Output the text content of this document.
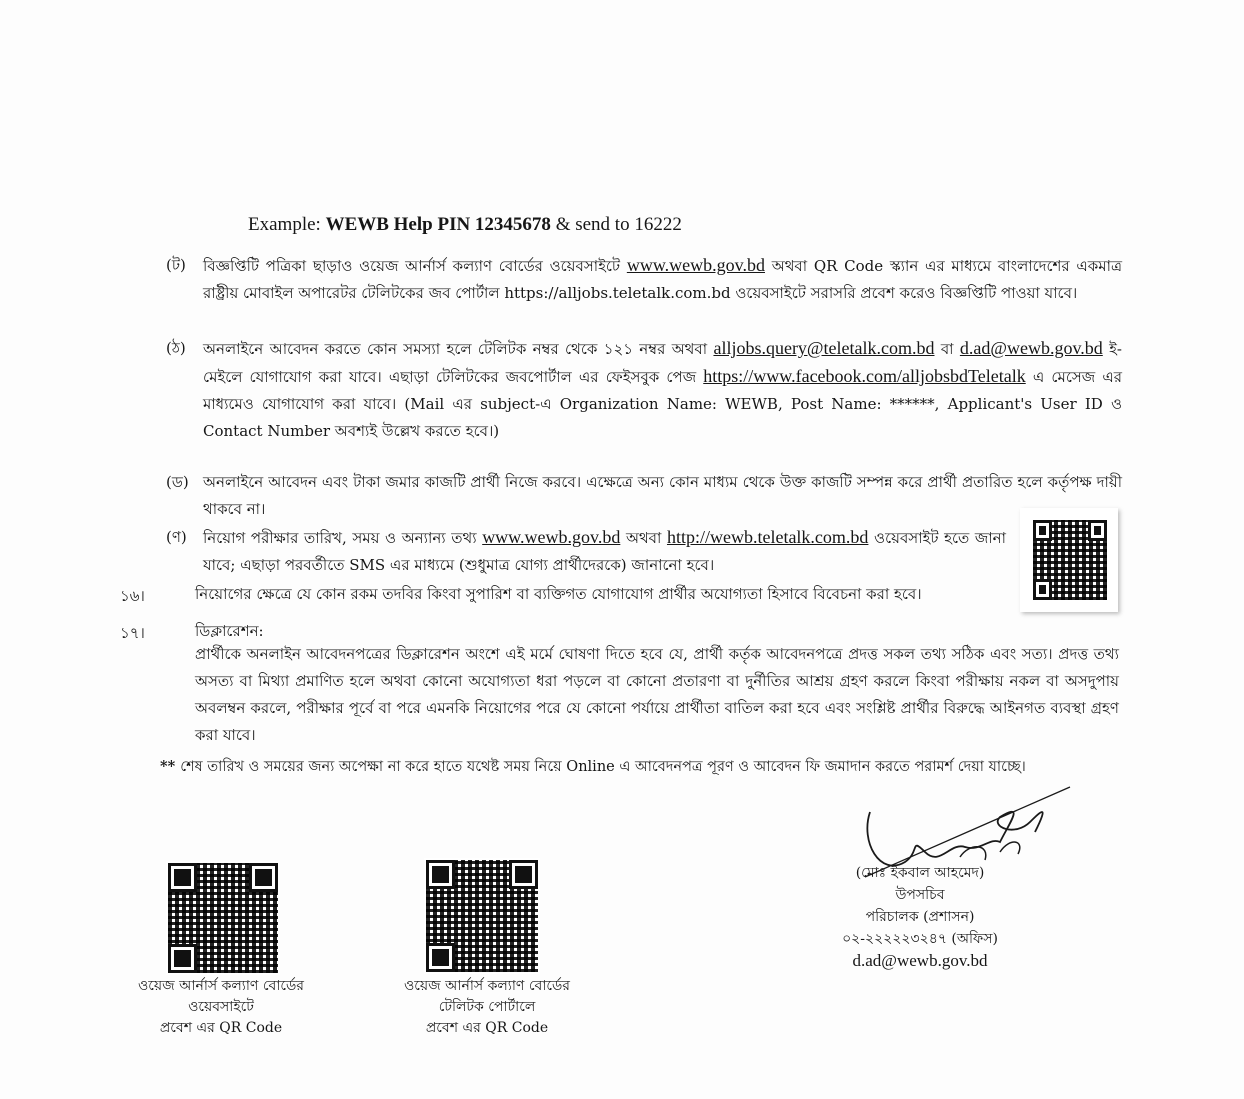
Example: WEWB Help PIN 12345678 & send to 16222
(ট)	বিজ্ঞপ্তিটি পত্রিকা ছাড়াও ওয়েজ আর্নার্স কল্যাণ বোর্ডের ওয়েবসাইটে www.wewb.gov.bd অথবা QR Code স্ক্যান এর মাধ্যমে বাংলাদেশের একমাত্র রাষ্ট্রীয় মোবাইল অপারেটর টেলিটকের জব পোর্টাল https://alljobs.teletalk.com.bd ওয়েবসাইটে সরাসরি প্রবেশ করেও বিজ্ঞপ্তিটি পাওয়া যাবে।
(ঠ)	অনলাইনে আবেদন করতে কোন সমস্যা হলে টেলিটক নম্বর থেকে ১২১ নম্বর অথবা alljobs.query@teletalk.com.bd বা d.ad@wewb.gov.bd ই-মেইলে যোগাযোগ করা যাবে। এছাড়া টেলিটকের জবপোর্টাল এর ফেইসবুক পেজ https://www.facebook.com/alljobsbdTeletalk এ মেসেজ এর মাধ্যমেও যোগাযোগ করা যাবে। (Mail এর subject-এ Organization Name: WEWB, Post Name: ******, Applicant's User ID ও Contact Number অবশ্যই উল্লেখ করতে হবে।)
(ড) অনলাইনে আবেদন এবং টাকা জমার কাজটি প্রার্থী নিজে করবে। এক্ষেত্রে অন্য কোন মাধ্যম থেকে উক্ত কাজটি সম্পন্ন করে প্রার্থী প্রতারিত হলে কর্তৃপক্ষ দায়ী থাকবে না।
(ণ)	নিয়োগ পরীক্ষার তারিখ, সময় ও অন্যান্য তথ্য www.wewb.gov.bd অথবা http://wewb.teletalk.com.bd ওয়েবসাইট হতে জানা যাবে; এছাড়া পরবর্তীতে SMS এর মাধ্যমে (শুধুমাত্র যোগ্য প্রার্থীদেরকে) জানানো হবে।
১৬।	নিয়োগের ক্ষেত্রে যে কোন রকম তদবির কিংবা সুপারিশ বা ব্যক্তিগত যোগাযোগ প্রার্থীর অযোগ্যতা হিসাবে বিবেচনা করা হবে।
১৭।	ডিক্লারেশন:
প্রার্থীকে অনলাইন আবেদনপত্রের ডিক্লারেশন অংশে এই মর্মে ঘোষণা দিতে হবে যে, প্রার্থী কর্তৃক আবেদনপত্রে প্রদত্ত সকল তথ্য সঠিক এবং সত্য। প্রদত্ত তথ্য অসত্য বা মিথ্যা প্রমাণিত হলে অথবা কোনো অযোগ্যতা ধরা পড়লে বা কোনো প্রতারণা বা দুর্নীতির আশ্রয় গ্রহণ করলে কিংবা পরীক্ষায় নকল বা অসদুপায় অবলম্বন করলে, পরীক্ষার পূর্বে বা পরে এমনকি নিয়োগের পরে যে কোনো পর্যায়ে প্রার্থীতা বাতিল করা হবে এবং সংশ্লিষ্ট প্রার্থীর বিরুদ্ধে আইনগত ব্যবস্থা গ্রহণ করা যাবে।
** শেষ তারিখ ও সময়ের জন্য অপেক্ষা না করে হাতে যথেষ্ট সময় নিয়ে Online এ আবেদনপত্র পূরণ ও আবেদন ফি জমাদান করতে পরামর্শ দেয়া যাচ্ছে।
ওয়েজ আর্নার্স কল্যাণ বোর্ডের
ওয়েবসাইটে
প্রবেশ এর QR Code
ওয়েজ আর্নার্স কল্যাণ বোর্ডের
টেলিটক পোর্টালে
প্রবেশ এর QR Code
(মোঃ ইকবাল আহমেদ)
উপসচিব
পরিচালক (প্রশাসন)
০২-২২২২২৩২৪৭ (অফিস)
d.ad@wewb.gov.bd
